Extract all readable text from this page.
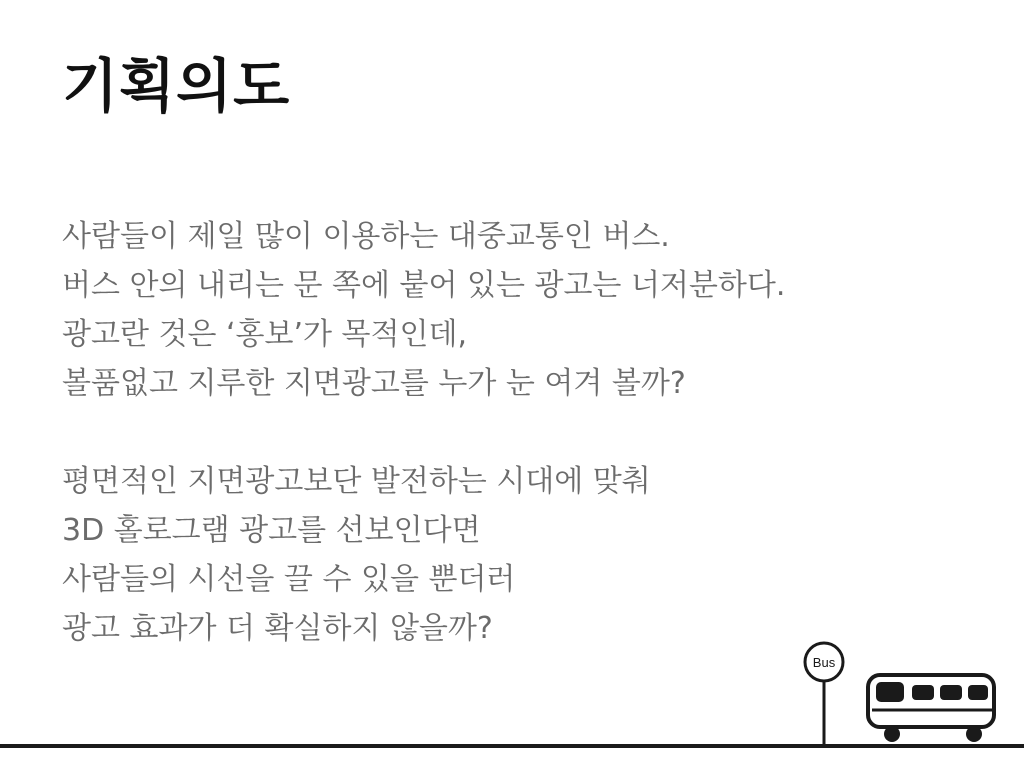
기획의도

사람들이 제일 많이 이용하는 대중교통인 버스.
버스 안의 내리는 문 쪽에 붙어 있는 광고는 너저분하다.
광고란 것은 ‘홍보’가 목적인데,
볼품없고 지루한 지면광고를 누가 눈 여겨 볼까?

평면적인 지면광고보단 발전하는 시대에 맞춰
3D 홀로그램 광고를 선보인다면
사람들의 시선을 끌 수 있을 뿐더러
광고 효과가 더 확실하지 않을까?

Bus
